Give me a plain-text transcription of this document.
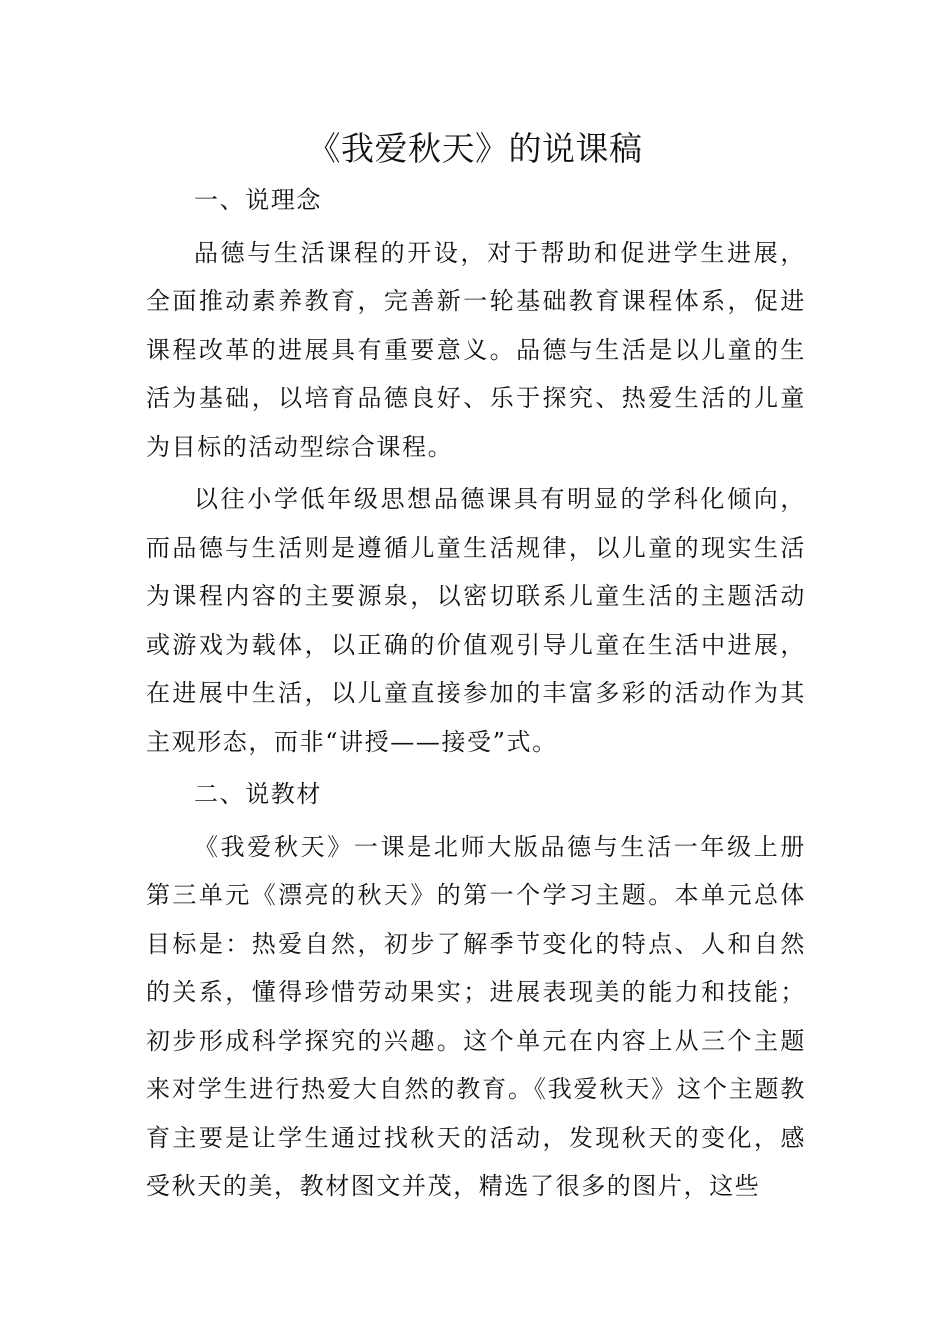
《我爱秋天》的说课稿

一、说理念

品德与生活课程的开设，对于帮助和促进学生进展，全面推动素养教育，完善新一轮基础教育课程体系，促进课程改革的进展具有重要意义。品德与生活是以儿童的生活为基础，以培育品德良好、乐于探究、热爱生活的儿童为目标的活动型综合课程。

以往小学低年级思想品德课具有明显的学科化倾向，而品德与生活则是遵循儿童生活规律，以儿童的现实生活为课程内容的主要源泉，以密切联系儿童生活的主题活动或游戏为载体，以正确的价值观引导儿童在生活中进展，在进展中生活，以儿童直接参加的丰富多彩的活动作为其主观形态，而非“讲授——接受”式。

二、说教材

《我爱秋天》一课是北师大版品德与生活一年级上册第三单元《漂亮的秋天》的第一个学习主题。本单元总体目标是：热爱自然，初步了解季节变化的特点、人和自然的关系，懂得珍惜劳动果实；进展表现美的能力和技能；初步形成科学探究的兴趣。这个单元在内容上从三个主题来对学生进行热爱大自然的教育。《我爱秋天》这个主题教育主要是让学生通过找秋天的活动，发现秋天的变化，感受秋天的美，教材图文并茂，精选了很多的图片，这些
